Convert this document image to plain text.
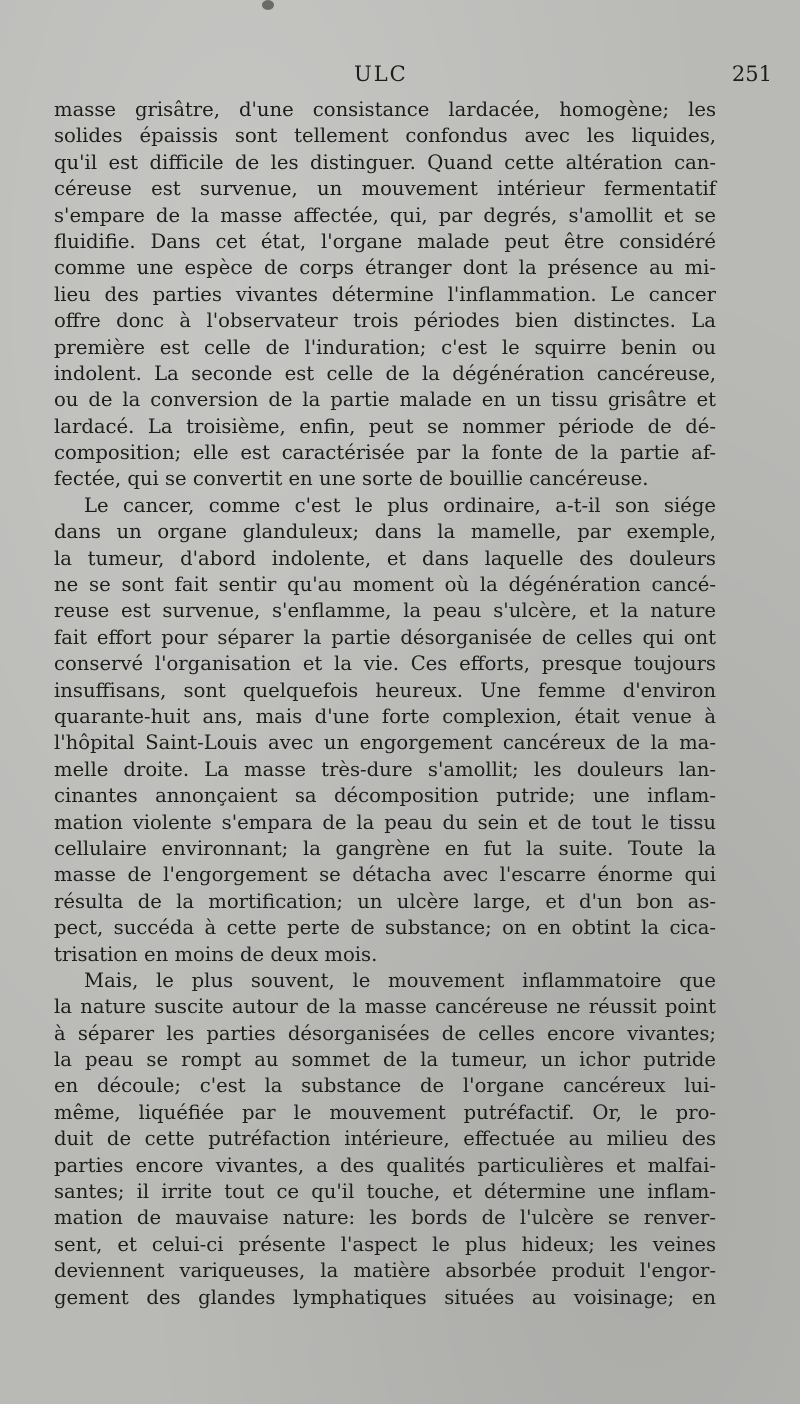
ULC	251
masse grisâtre, d'une consistance lardacée, homogène; les
solides épaissis sont tellement confondus avec les liquides,
qu'il est difficile de les distinguer. Quand cette altération can-
céreuse est survenue, un mouvement intérieur fermentatif
s'empare de la masse affectée, qui, par degrés, s'amollit et se
fluidifie. Dans cet état, l'organe malade peut être considéré
comme une espèce de corps étranger dont la présence au mi-
lieu des parties vivantes détermine l'inflammation. Le cancer
offre donc à l'observateur trois périodes bien distinctes. La
première est celle de l'induration; c'est le squirre benin ou
indolent. La seconde est celle de la dégénération cancéreuse,
ou de la conversion de la partie malade en un tissu grisâtre et
lardacé. La troisième, enfin, peut se nommer période de dé-
composition; elle est caractérisée par la fonte de la partie af-
fectée, qui se convertit en une sorte de bouillie cancéreuse.
Le cancer, comme c'est le plus ordinaire, a-t-il son siége
dans un organe glanduleux; dans la mamelle, par exemple,
la tumeur, d'abord indolente, et dans laquelle des douleurs
ne se sont fait sentir qu'au moment où la dégénération cancé-
reuse est survenue, s'enflamme, la peau s'ulcère, et la nature
fait effort pour séparer la partie désorganisée de celles qui ont
conservé l'organisation et la vie. Ces efforts, presque toujours
insuffisans, sont quelquefois heureux. Une femme d'environ
quarante-huit ans, mais d'une forte complexion, était venue à
l'hôpital Saint-Louis avec un engorgement cancéreux de la ma-
melle droite. La masse très-dure s'amollit; les douleurs lan-
cinantes annonçaient sa décomposition putride; une inflam-
mation violente s'empara de la peau du sein et de tout le tissu
cellulaire environnant; la gangrène en fut la suite. Toute la
masse de l'engorgement se détacha avec l'escarre énorme qui
résulta de la mortification; un ulcère large, et d'un bon as-
pect, succéda à cette perte de substance; on en obtint la cica-
trisation en moins de deux mois.
Mais, le plus souvent, le mouvement inflammatoire que
la nature suscite autour de la masse cancéreuse ne réussit point
à séparer les parties désorganisées de celles encore vivantes;
la peau se rompt au sommet de la tumeur, un ichor putride
en découle; c'est la substance de l'organe cancéreux lui-
même, liquéfiée par le mouvement putréfactif. Or, le pro-
duit de cette putréfaction intérieure, effectuée au milieu des
parties encore vivantes, a des qualités particulières et malfai-
santes; il irrite tout ce qu'il touche, et détermine une inflam-
mation de mauvaise nature: les bords de l'ulcère se renver-
sent, et celui-ci présente l'aspect le plus hideux; les veines
deviennent variqueuses, la matière absorbée produit l'engor-
gement des glandes lymphatiques situées au voisinage; en
